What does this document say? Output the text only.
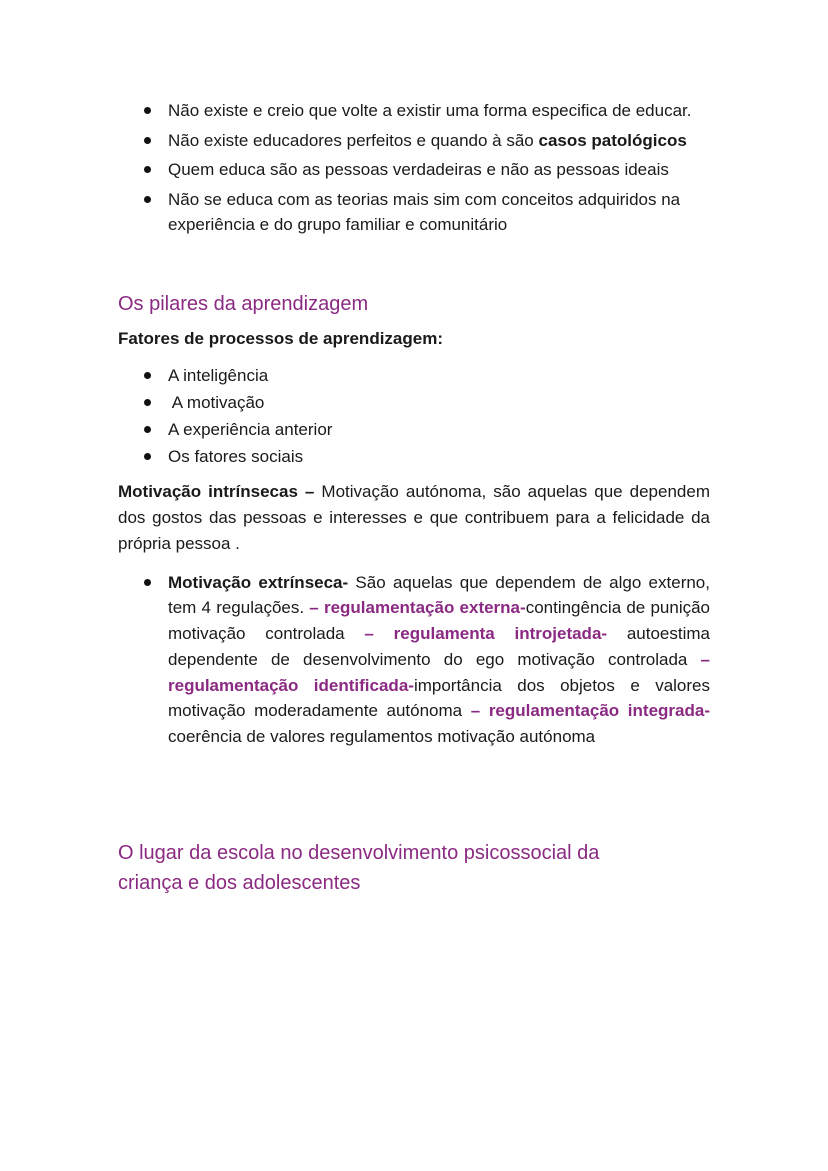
Não existe e creio que volte a existir uma forma especifica de educar.
Não existe educadores perfeitos e quando à são casos patológicos
Quem educa são as pessoas verdadeiras e não as pessoas ideais
Não se educa com as teorias mais sim com conceitos adquiridos na experiência e do grupo familiar e comunitário
Os pilares da aprendizagem

Fatores de processos de aprendizagem:

A inteligência
A motivação
A experiência anterior
Os fatores sociais

Motivação intrínsecas – Motivação autónoma, são aquelas que dependem dos gostos das pessoas e interesses e que contribuem para a felicidade da própria pessoa .

Motivação extrínseca- São aquelas que dependem de algo externo, tem 4 regulações. – regulamentação externa-contingência de punição motivação controlada – regulamenta introjetada- autoestima dependente de desenvolvimento do ego motivação controlada – regulamentação identificada-importância dos objetos e valores motivação moderadamente autónoma – regulamentação integrada- coerência de valores regulamentos motivação autónoma
O lugar da escola no desenvolvimento psicossocial da criança e dos adolescentes
